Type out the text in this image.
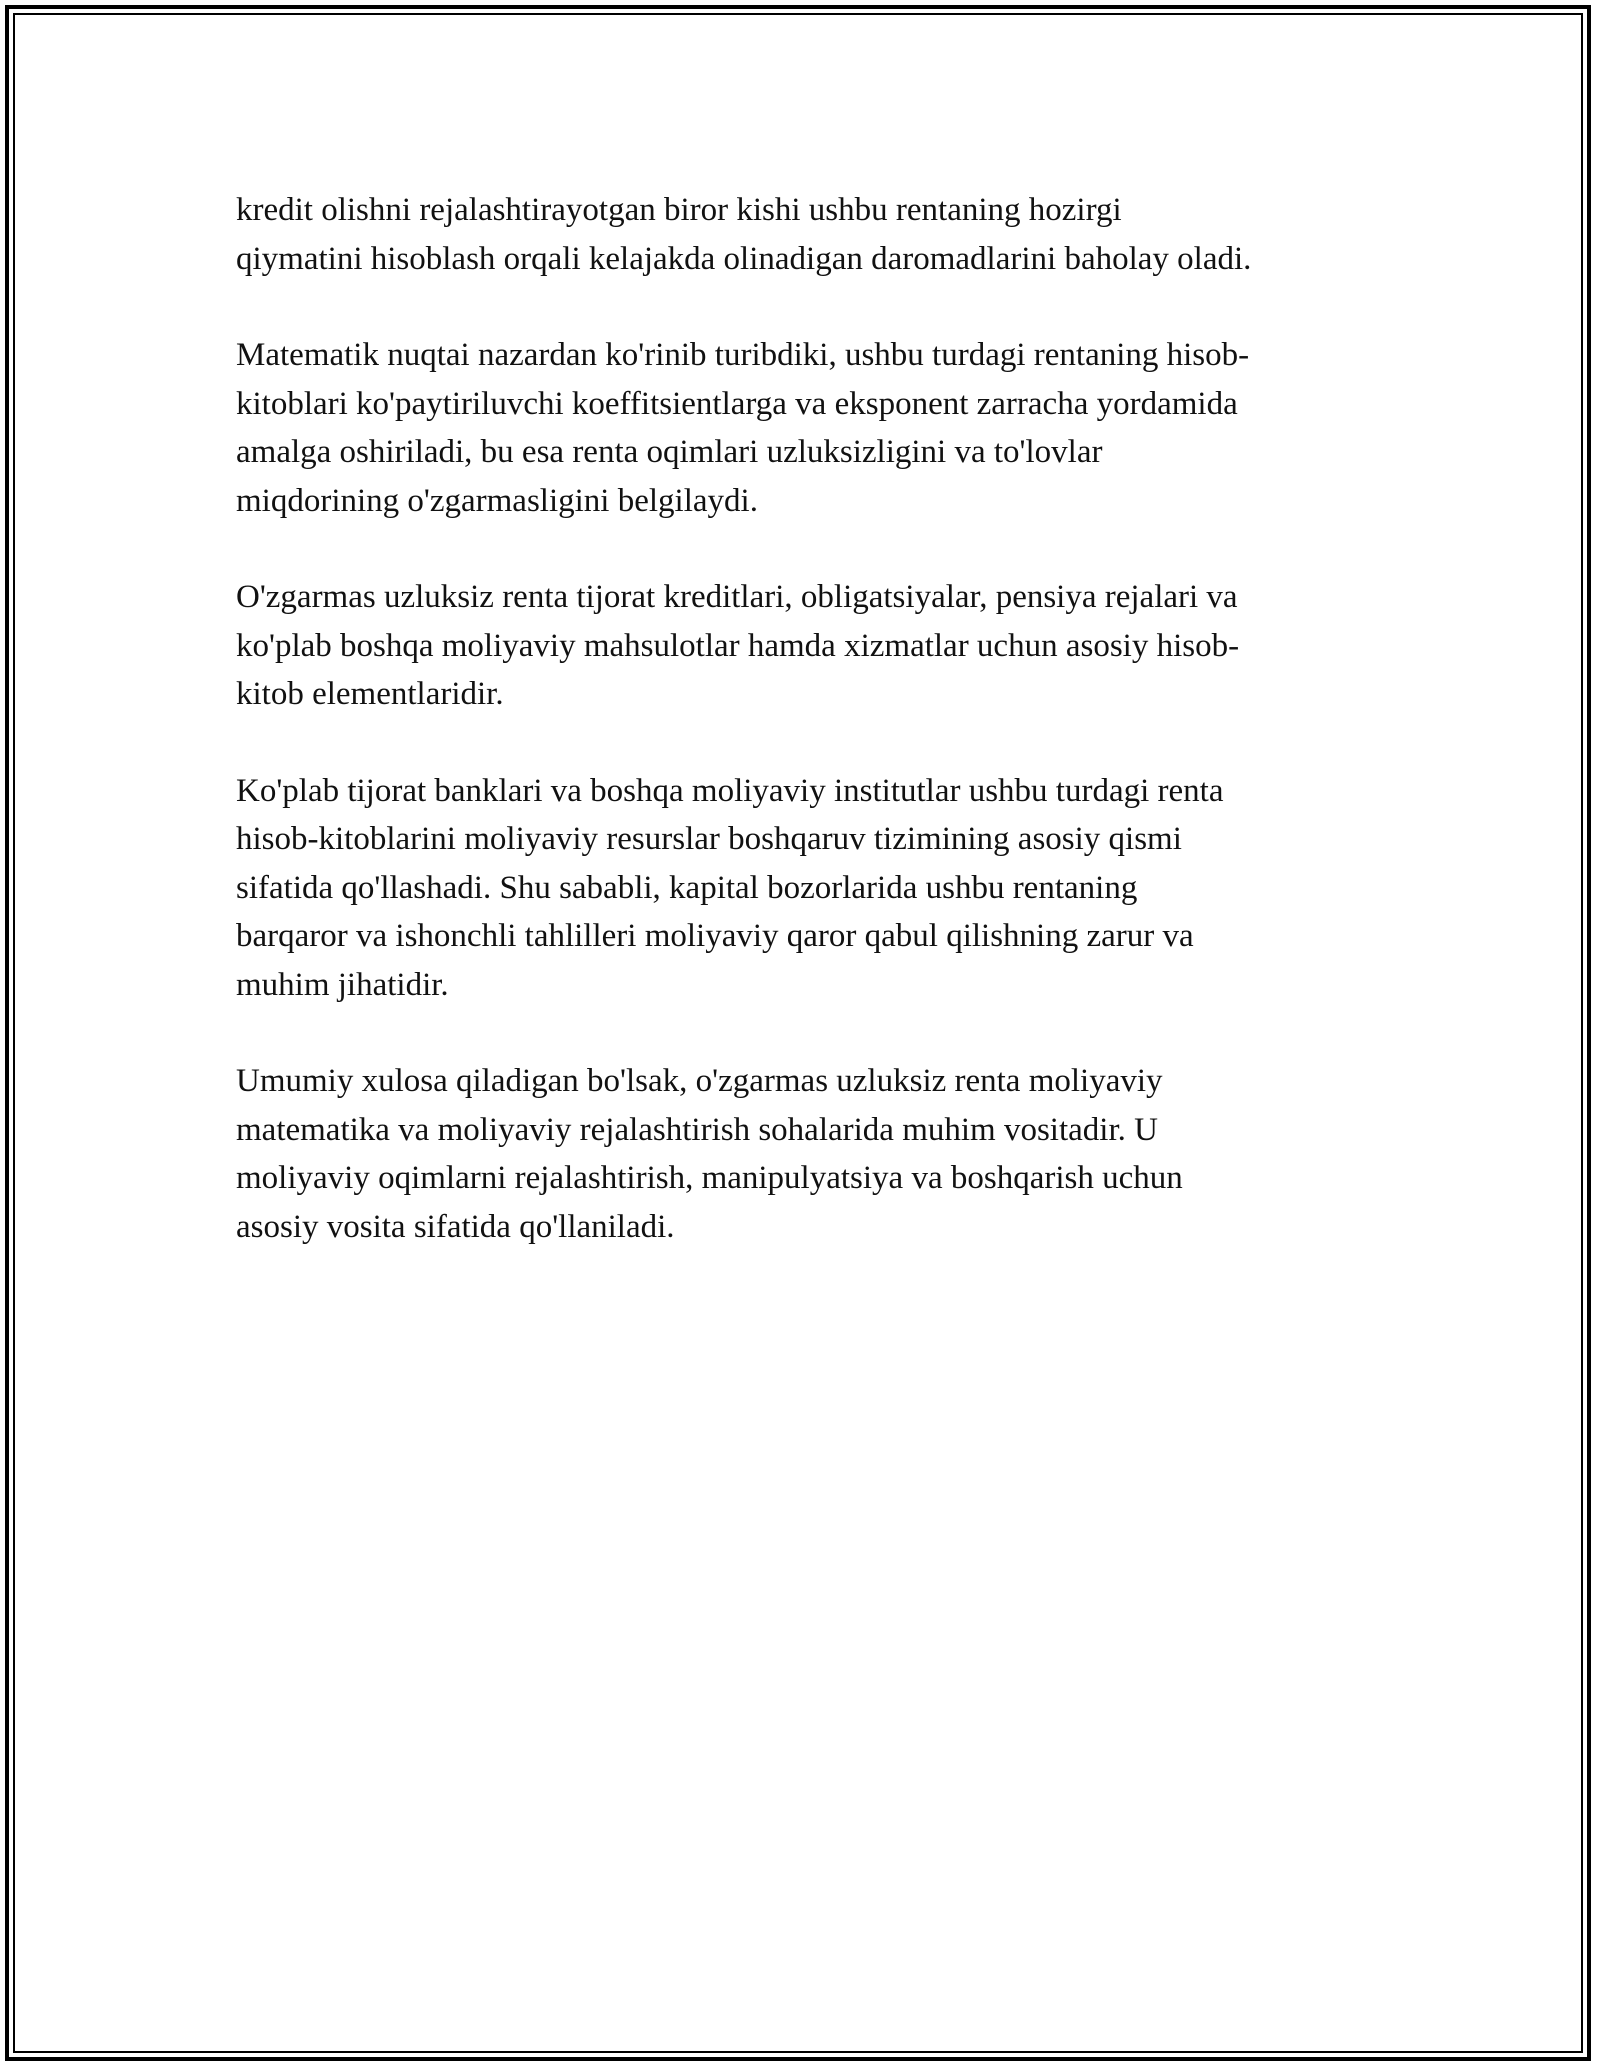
kredit olishni rejalashtirayotgan biror kishi ushbu rentaning hozirgi
qiymatini hisoblash orqali kelajakda olinadigan daromadlarini baholay oladi.

Matematik nuqtai nazardan ko'rinib turibdiki, ushbu turdagi rentaning hisob-
kitoblari ko'paytiriluvchi koeffitsientlarga va eksponent zarracha yordamida
amalga oshiriladi, bu esa renta oqimlari uzluksizligini va to'lovlar
miqdorining o'zgarmasligini belgilaydi.

O'zgarmas uzluksiz renta tijorat kreditlari, obligatsiyalar, pensiya rejalari va
ko'plab boshqa moliyaviy mahsulotlar hamda xizmatlar uchun asosiy hisob-
kitob elementlaridir.

Ko'plab tijorat banklari va boshqa moliyaviy institutlar ushbu turdagi renta
hisob-kitoblarini moliyaviy resurslar boshqaruv tizimining asosiy qismi
sifatida qo'llashadi. Shu sababli, kapital bozorlarida ushbu rentaning
barqaror va ishonchli tahlilleri moliyaviy qaror qabul qilishning zarur va
muhim jihatidir.

Umumiy xulosa qiladigan bo'lsak, o'zgarmas uzluksiz renta moliyaviy
matematika va moliyaviy rejalashtirish sohalarida muhim vositadir. U
moliyaviy oqimlarni rejalashtirish, manipulyatsiya va boshqarish uchun
asosiy vosita sifatida qo'llaniladi.
